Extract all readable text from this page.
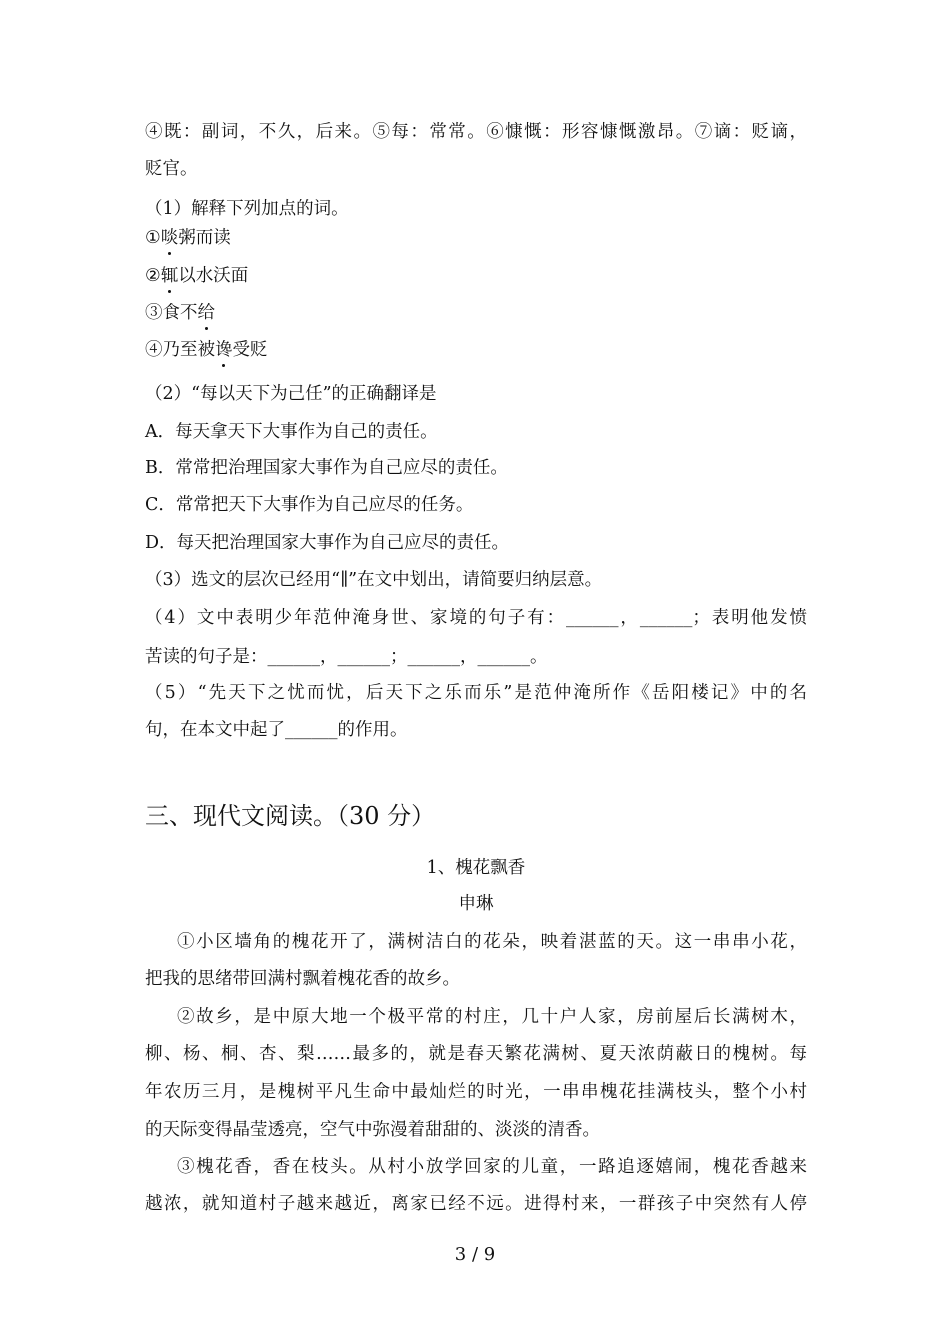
④既：副词，不久，后来。⑤每：常常。⑥慷慨：形容慷慨激昂。⑦谪：贬谪，
贬官。
（1）解释下列加点的词。
①啖粥而读
②辄以水沃面
③食不给
④乃至被谗受贬
（2）“每以天下为己任”的正确翻译是
A．每天拿天下大事作为自己的责任。
B．常常把治理国家大事作为自己应尽的责任。
C．常常把天下大事作为自己应尽的任务。
D．每天把治理国家大事作为自己应尽的责任。
（3）选文的层次已经用“∥”在文中划出，请简要归纳层意。
（4）文中表明少年范仲淹身世、家境的句子有：______，______；表明他发愤
苦读的句子是：______，______；______，______。
（5）“先天下之忧而忧，后天下之乐而乐”是范仲淹所作《岳阳楼记》中的名
句，在本文中起了______的作用。
三、现代文阅读。（30 分）
1、槐花飘香
申琳
①小区墙角的槐花开了，满树洁白的花朵，映着湛蓝的天。这一串串小花，
把我的思绪带回满村飘着槐花香的故乡。
②故乡，是中原大地一个极平常的村庄，几十户人家，房前屋后长满树木，
柳、杨、桐、杏、梨……最多的，就是春天繁花满树、夏天浓荫蔽日的槐树。每
年农历三月，是槐树平凡生命中最灿烂的时光，一串串槐花挂满枝头，整个小村
的天际变得晶莹透亮，空气中弥漫着甜甜的、淡淡的清香。
③槐花香，香在枝头。从村小放学回家的儿童，一路追逐嬉闹，槐花香越来
越浓，就知道村子越来越近，离家已经不远。进得村来，一群孩子中突然有人停
3 / 9
